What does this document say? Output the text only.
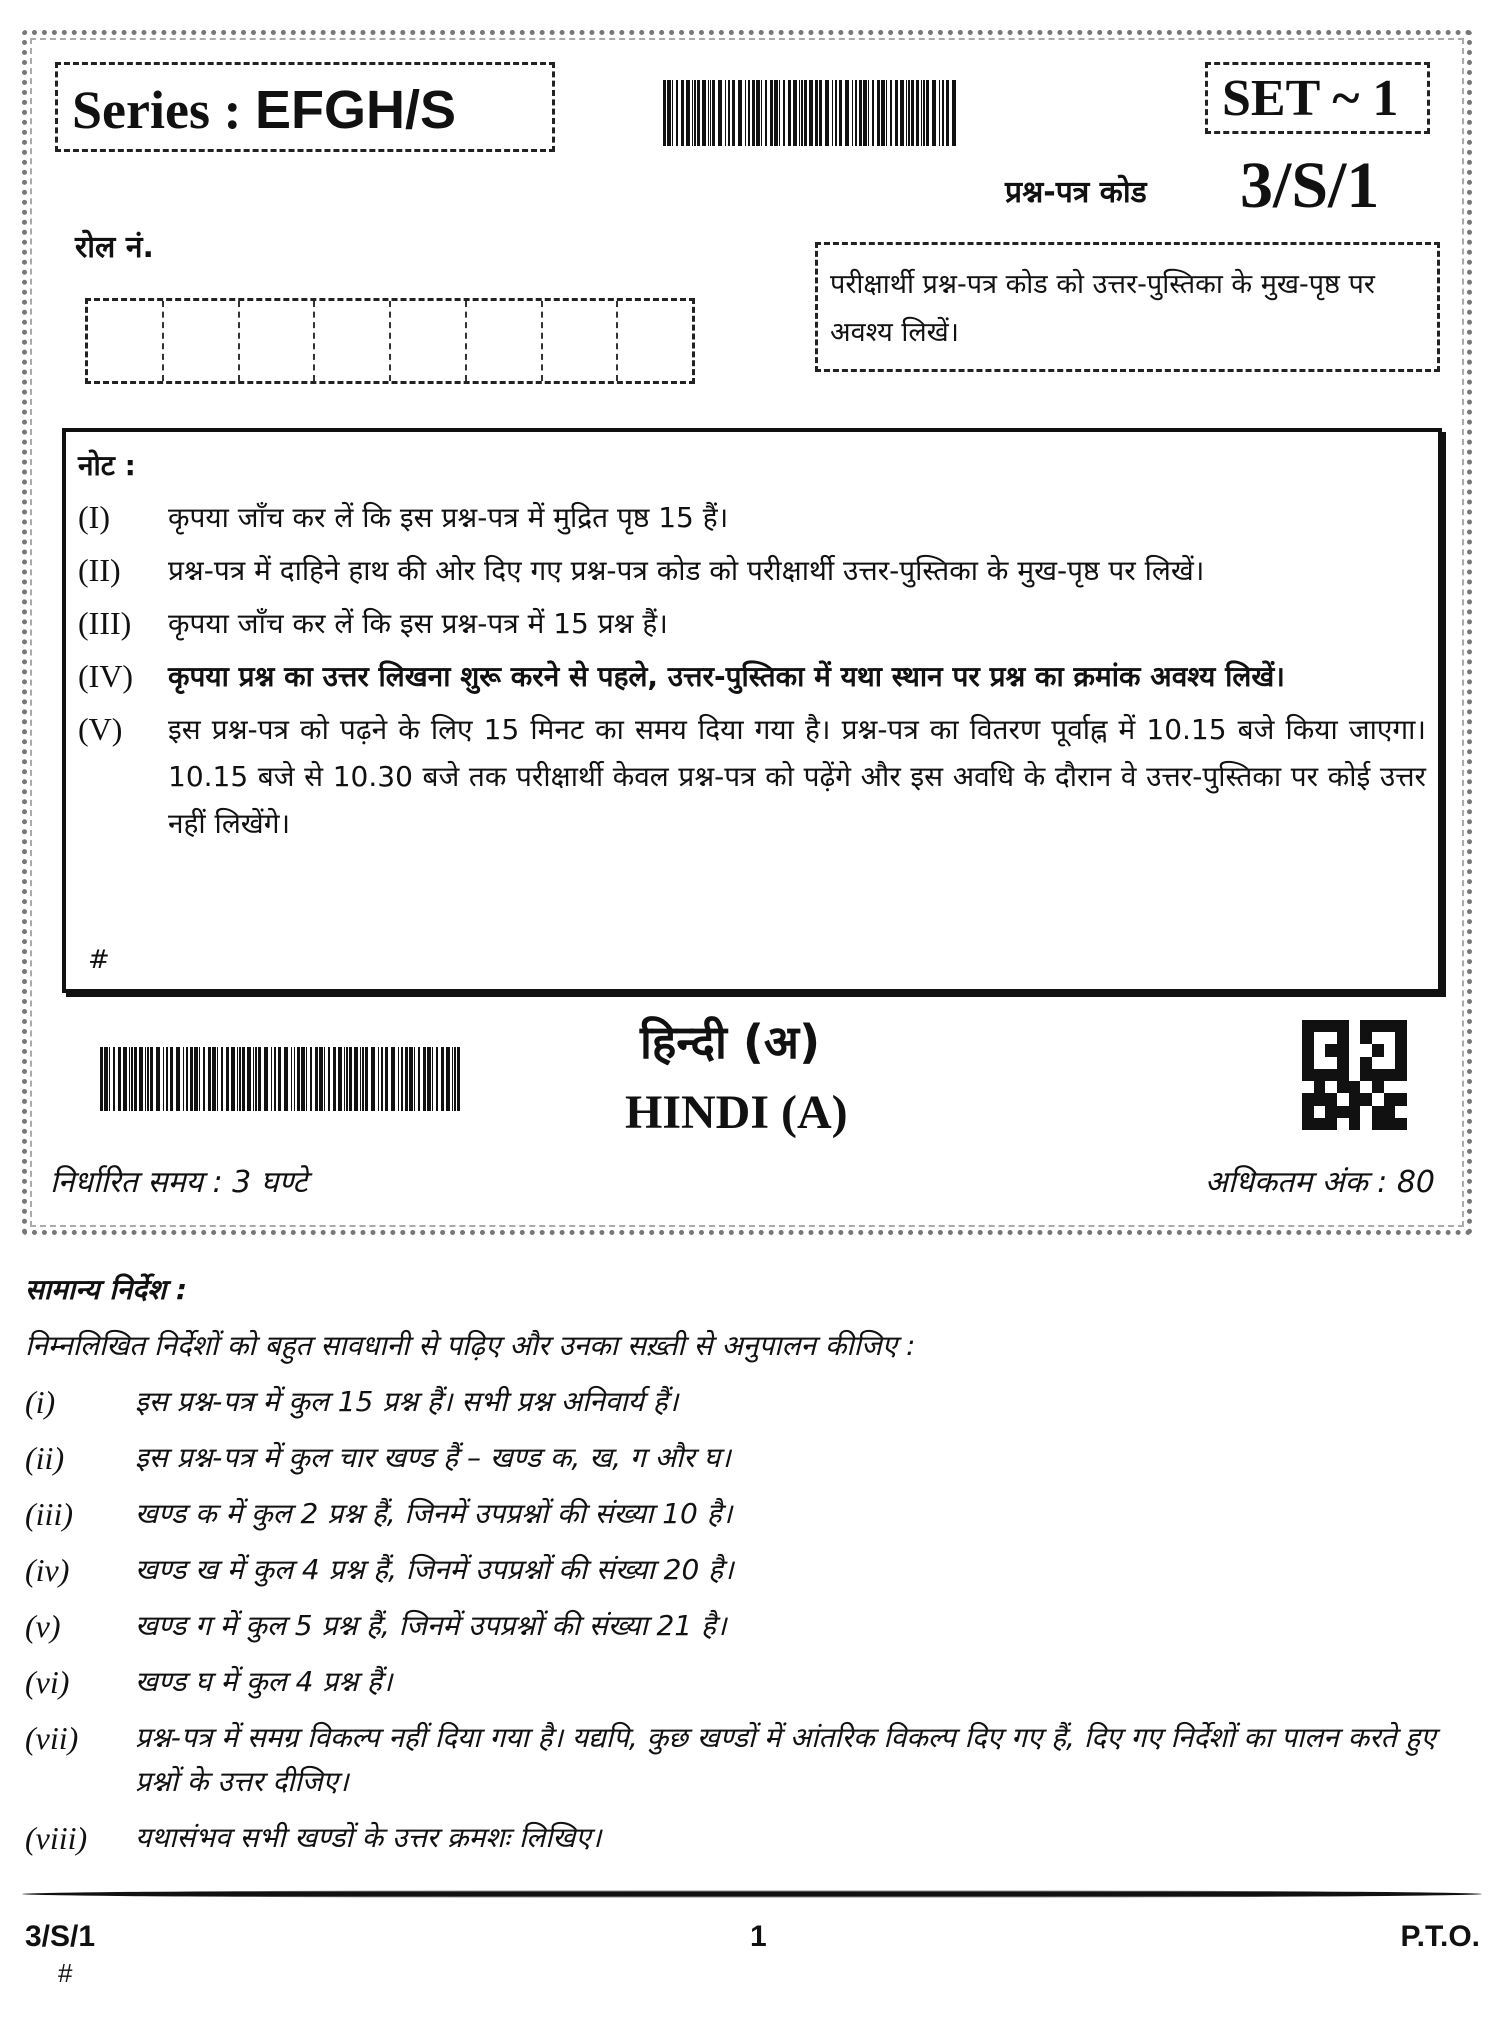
Series : EFGH/S	SET ~ 1
प्रश्न-पत्र कोड 3/S/1
रोल नं.
परीक्षार्थी प्रश्न-पत्र कोड को उत्तर-पुस्तिका के मुख-पृष्ठ पर अवश्य लिखें।
नोट :
(I)	कृपया जाँच कर लें कि इस प्रश्न-पत्र में मुद्रित पृष्ठ 15 हैं।
(II)	प्रश्न-पत्र में दाहिने हाथ की ओर दिए गए प्रश्न-पत्र कोड को परीक्षार्थी उत्तर-पुस्तिका के मुख-पृष्ठ पर लिखें।
(III)	कृपया जाँच कर लें कि इस प्रश्न-पत्र में 15 प्रश्न हैं।
(IV)	कृपया प्रश्न का उत्तर लिखना शुरू करने से पहले, उत्तर-पुस्तिका में यथा स्थान पर प्रश्न का क्रमांक अवश्य लिखें।
(V)	इस प्रश्न-पत्र को पढ़ने के लिए 15 मिनट का समय दिया गया है। प्रश्न-पत्र का वितरण पूर्वाह्न में 10.15 बजे किया जाएगा। 10.15 बजे से 10.30 बजे तक परीक्षार्थी केवल प्रश्न-पत्र को पढ़ेंगे और इस अवधि के दौरान वे उत्तर-पुस्तिका पर कोई उत्तर नहीं लिखेंगे।
#
हिन्दी (अ)
HINDI (A)
निर्धारित समय : 3 घण्टे	अधिकतम अंक : 80
सामान्य निर्देश :
निम्नलिखित निर्देशों को बहुत सावधानी से पढ़िए और उनका सख़्ती से अनुपालन कीजिए :
(i)	इस प्रश्न-पत्र में कुल 15 प्रश्न हैं। सभी प्रश्न अनिवार्य हैं।
(ii)	इस प्रश्न-पत्र में कुल चार खण्ड हैं – खण्ड क, ख, ग और घ।
(iii)	खण्ड क में कुल 2 प्रश्न हैं, जिनमें उपप्रश्नों की संख्या 10 है।
(iv)	खण्ड ख में कुल 4 प्रश्न हैं, जिनमें उपप्रश्नों की संख्या 20 है।
(v)	खण्ड ग में कुल 5 प्रश्न हैं, जिनमें उपप्रश्नों की संख्या 21 है।
(vi)	खण्ड घ में कुल 4 प्रश्न हैं।
(vii)	प्रश्न-पत्र में समग्र विकल्प नहीं दिया गया है। यद्यपि, कुछ खण्डों में आंतरिक विकल्प दिए गए हैं, दिए गए निर्देशों का पालन करते हुए प्रश्नों के उत्तर दीजिए।
(viii)	यथासंभव सभी खण्डों के उत्तर क्रमशः लिखिए।
3/S/1	1	P.T.O.
#
